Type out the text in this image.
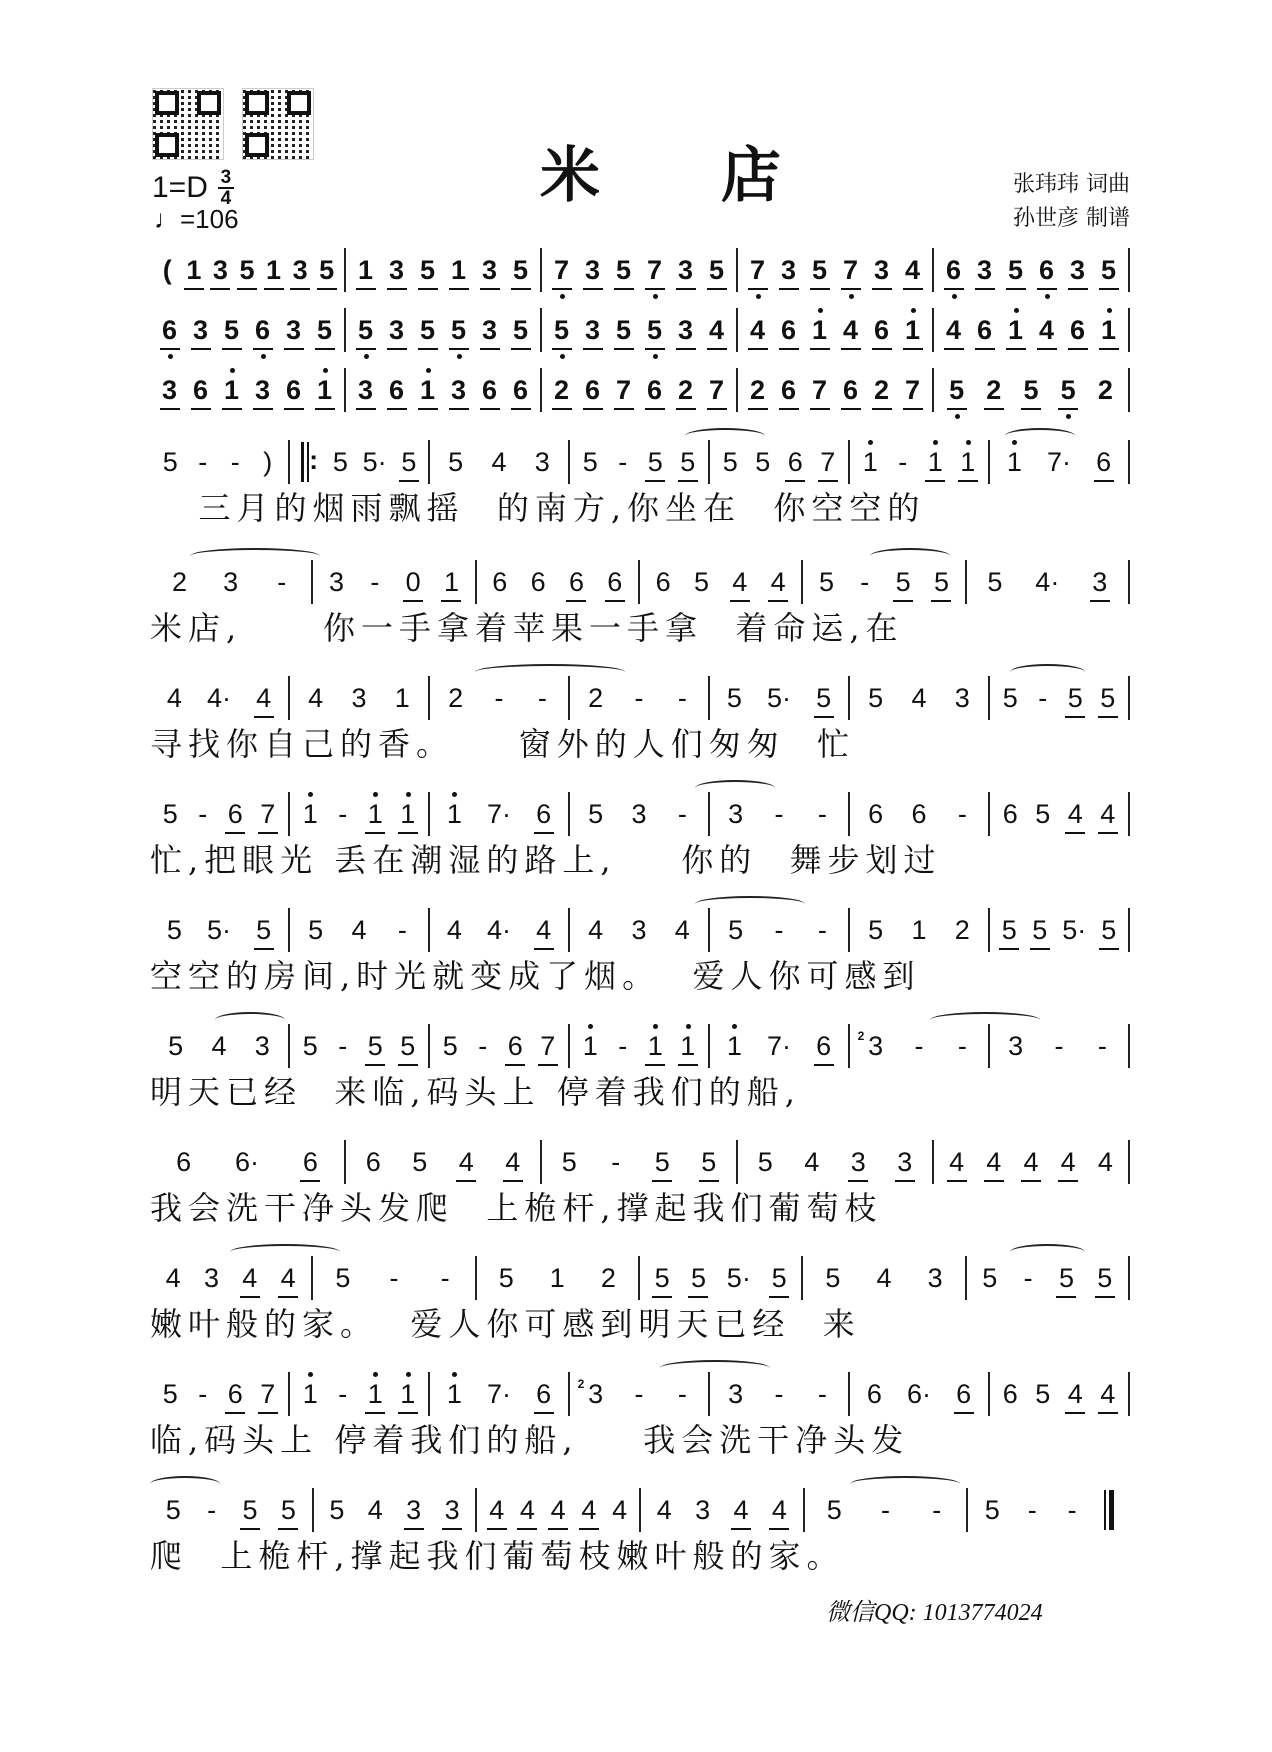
米 店
$1=D \frac{3}{4}$
♩=106
张玮玮 词曲
孙世彦 制谱
( 1 3 5 1 3 5 1 3 5 1 3 5 7 3 5 7 3 5 7 3 5 7 3 4 6 3 5 6 3 5
6 3 5 6 3 5 5 3 5 5 3 5 5 3 5 5 3 4 4 6 1 4 6 1 4 6 1 4 6 1
3 6 1 3 6 1 3 6 1 3 6 6 2 6 7 6 2 7 2 6 7 6 2 7 5 2 5 5 2
5 - - ) : 5 5· 5 5 4 3 5 - 5 5 5 5 6 7 1 - 1 1 1 7· 6
三月的烟雨飘摇  的南方,你坐在  你空空的
2 3 - 3 - 0 1 6 6 6 6 6 5 4 4 5 - 5 5 5 4· 3
米店,     你一手拿着苹果一手拿  着命运,在
4 4· 4 4 3 1 2 - - 2 - - 5 5· 5 5 4 3 5 - 5 5
寻找你自己的香。    窗外的人们匆匆  忙
5 - 6 7 1 - 1 1 1 7· 6 5 3 - 3 - - 6 6 - 6 5 4 4
忙,把眼光 丢在潮湿的路上,    你的  舞步划过
5 5· 5 5 4 - 4 4· 4 4 3 4 5 - - 5 1 2 5 5 5· 5
空空的房间,时光就变成了烟。  爱人你可感到
5 4 3 5 - 5 5 5 - 6 7 1 - 1 1 1 7· 6 2 3 - - 3 - -
明天已经  来临,码头上 停着我们的船,
6 6· 6 6 5 4 4 5 - 5 5 5 4 3 3 4 4 4 4 4
我会洗干净头发爬  上桅杆,撑起我们葡萄枝
4 3 4 4 5 - - 5 1 2 5 5 5· 5 5 4 3 5 - 5 5
嫩叶般的家。  爱人你可感到明天已经  来
5 - 6 7 1 - 1 1 1 7· 6 2 3 - - 3 - - 6 6· 6 6 5 4 4
临,码头上 停着我们的船,    我会洗干净头发
5 - 5 5 5 4 3 3 4 4 4 4 4 4 3 4 4 5 - - 5 - -
爬  上桅杆,撑起我们葡萄枝嫩叶般的家。
微信QQ: 1013774024
